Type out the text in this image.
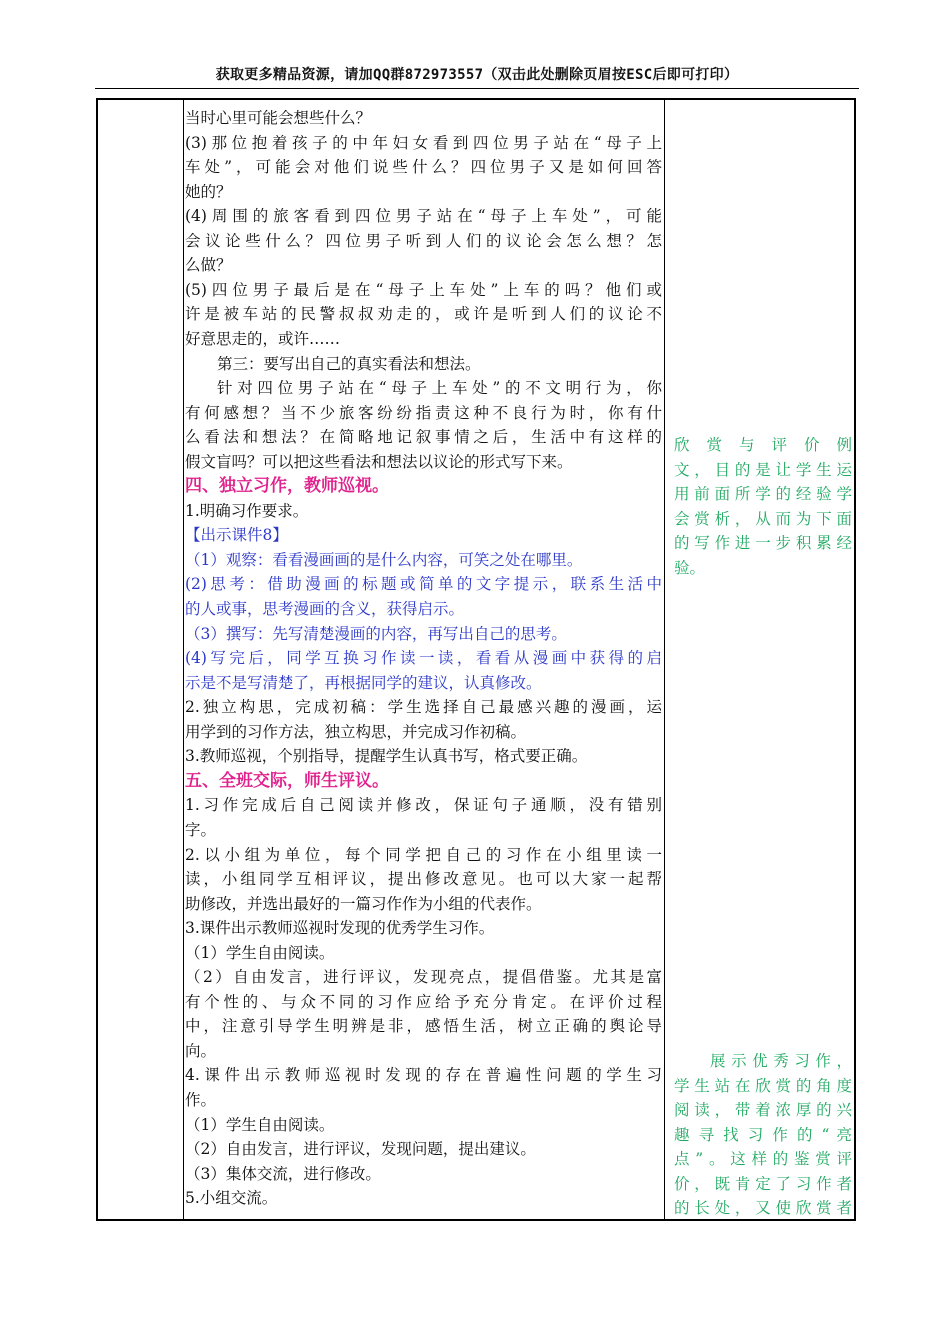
获取更多精品资源，请加QQ群872973557（双击此处删除页眉按ESC后即可打印）
当时心里可能会想些什么？
(3)那位抱着孩子的中年妇女看到四位男子站在“母子上
车处”，可能会对他们说些什么？四位男子又是如何回答
她的？
(4)周围的旅客看到四位男子站在“母子上车处”，可能
会议论些什么？四位男子听到人们的议论会怎么想？怎
么做？
(5)四位男子最后是在“母子上车处”上车的吗？他们或
许是被车站的民警叔叔劝走的，或许是听到人们的议论不
好意思走的，或许……
第三：要写出自己的真实看法和想法。
针对四位男子站在“母子上车处”的不文明行为，你
有何感想？当不少旅客纷纷指责这种不良行为时，你有什
么看法和想法？在简略地记叙事情之后，生活中有这样的
假文盲吗？可以把这些看法和想法以议论的形式写下来。
四、独立习作，教师巡视。
1.明确习作要求。
【出示课件8】
（1）观察：看看漫画画的是什么内容，可笑之处在哪里。
(2)思考：借助漫画的标题或简单的文字提示，联系生活中
的人或事，思考漫画的含义，获得启示。
（3）撰写：先写清楚漫画的内容，再写出自己的思考。
(4)写完后，同学互换习作读一读，看看从漫画中获得的启
示是不是写清楚了，再根据同学的建议，认真修改。
2.独立构思，完成初稿：学生选择自己最感兴趣的漫画，运
用学到的习作方法，独立构思，并完成习作初稿。
3.教师巡视，个别指导，提醒学生认真书写，格式要正确。
五、全班交际，师生评议。
1.习作完成后自己阅读并修改，保证句子通顺，没有错别
字。
2.以小组为单位，每个同学把自己的习作在小组里读一
读，小组同学互相评议，提出修改意见。也可以大家一起帮
助修改，并选出最好的一篇习作作为小组的代表作。
3.课件出示教师巡视时发现的优秀学生习作。
（1）学生自由阅读。
（2）自由发言，进行评议，发现亮点，提倡借鉴。尤其是富
有个性的、与众不同的习作应给予充分肯定。在评价过程
中，注意引导学生明辨是非，感悟生活，树立正确的舆论导
向。
4.课件出示教师巡视时发现的存在普遍性问题的学生习
作。
（1）学生自由阅读。
（2）自由发言，进行评议，发现问题，提出建议。
（3）集体交流，进行修改。
5.小组交流。
欣 赏 与 评 价 例
文，目的是让学生运
用前面所学的经验学
会赏析，从而为下面
的写作进一步积累经
验。
展示优秀习作，
学生站在欣赏的角度
阅读，带着浓厚的兴
趣 寻 找 习 作 的 “ 亮
点”。这样的鉴赏评
价，既肯定了习作者
的长处，又使欣赏者
